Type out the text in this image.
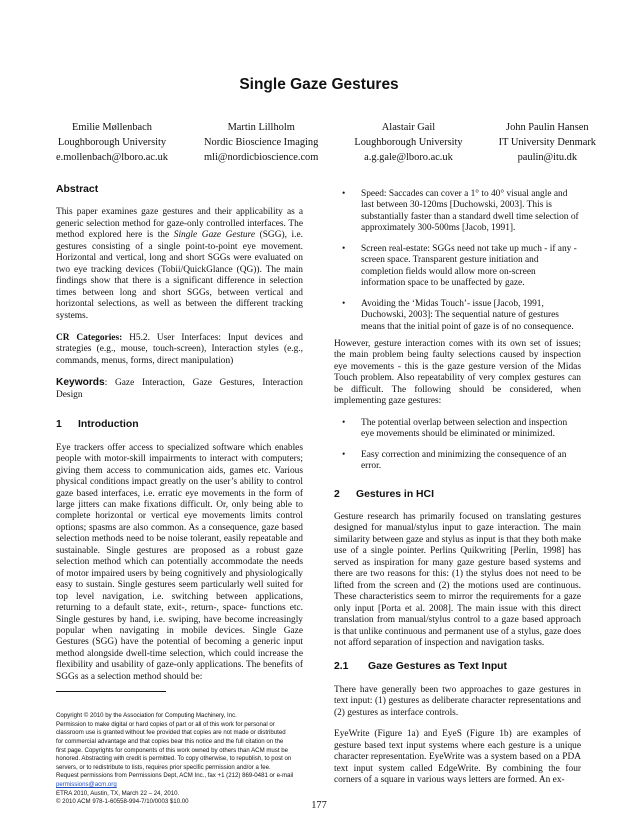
Single Gaze Gestures
Emilie Møllenbach
Loughborough University
e.mollenbach@lboro.ac.uk
Martin Lillholm
Nordic Bioscience Imaging
mli@nordicbioscience.com
Alastair Gail
Loughborough University
a.g.gale@lboro.ac.uk
John Paulin Hansen
IT University Denmark
paulin@itu.dk
Abstract

This paper examines gaze gestures and their applicability as a generic selection method for gaze-only controlled interfaces. The method explored here is the Single Gaze Gesture (SGG), i.e. gestures consisting of a single point-to-point eye movement. Horizontal and vertical, long and short SGGs were evaluated on two eye tracking devices (Tobii/QuickGlance (QG)). The main findings show that there is a significant difference in selection times between long and short SGGs, between vertical and horizontal selections, as well as between the different tracking systems.

CR Categories: H5.2. User Interfaces: Input devices and strategies (e.g., mouse, touch-screen), Interaction styles (e.g., commands, menus, forms, direct manipulation)

Keywords: Gaze Interaction, Gaze Gestures, Interaction Design

1 Introduction

Eye trackers offer access to specialized software which enables people with motor-skill impairments to interact with computers; giving them access to communication aids, games etc. Various physical conditions impact greatly on the user’s ability to control gaze based interfaces, i.e. erratic eye movements in the form of large jitters can make fixations difficult. Or, only being able to complete horizontal or vertical eye movements limits control options; spasms are also common. As a consequence, gaze based selection methods need to be noise tolerant, easily repeatable and sustainable. Single gestures are proposed as a robust gaze selection method which can potentially accommodate the needs of motor impaired users by being cognitively and physiologically easy to sustain. Single gestures seem particularly well suited for top level navigation, i.e. switching between applications, returning to a default state, exit-, return-, space- functions etc. Single gestures by hand, i.e. swiping, have become increasingly popular when navigating in mobile devices. Single Gaze Gestures (SGG) have the potential of becoming a generic input method alongside dwell-time selection, which could increase the flexibility and usability of gaze-only applications. The benefits of SGGs as a selection method should be:

Copyright © 2010 by the Association for Computing Machinery, Inc.
Permission to make digital or hard copies of part or all of this work for personal or
classroom use is granted without fee provided that copies are not made or distributed
for commercial advantage and that copies bear this notice and the full citation on the
first page. Copyrights for components of this work owned by others than ACM must be
honored. Abstracting with credit is permitted. To copy otherwise, to republish, to post on
servers, or to redistribute to lists, requires prior specific permission and/or a fee.
Request permissions from Permissions Dept, ACM Inc., fax +1 (212) 869-0481 or e-mail
permissions@acm.org
ETRA 2010, Austin, TX, March 22 – 24, 2010.
© 2010 ACM 978-1-60558-994-7/10/0003 $10.00
• Speed: Saccades can cover a 1° to 40° visual angle and last between 30-120ms [Duchowski, 2003]. This is substantially faster than a standard dwell time selection of approximately 300-500ms [Jacob, 1991].
• Screen real-estate: SGGs need not take up much - if any - screen space. Transparent gesture initiation and completion fields would allow more on-screen information space to be unaffected by gaze.
• Avoiding the ‘Midas Touch’- issue [Jacob, 1991, Duchowski, 2003]: The sequential nature of gestures means that the initial point of gaze is of no consequence.

However, gesture interaction comes with its own set of issues; the main problem being faulty selections caused by inspection eye movements - this is the gaze gesture version of the Midas Touch problem. Also repeatability of very complex gestures can be difficult. The following should be considered, when implementing gaze gestures:

• The potential overlap between selection and inspection eye movements should be eliminated or minimized.
• Easy correction and minimizing the consequence of an error.
2 Gestures in HCI

Gesture research has primarily focused on translating gestures designed for manual/stylus input to gaze interaction. The main similarity between gaze and stylus as input is that they both make use of a single pointer. Perlins Quikwriting [Perlin, 1998] has served as inspiration for many gaze gesture based systems and there are two reasons for this: (1) the stylus does not need to be lifted from the screen and (2) the motions used are continuous. These characteristics seem to mirror the requirements for a gaze only input [Porta et al. 2008]. The main issue with this direct translation from manual/stylus control to a gaze based approach is that unlike continuous and permanent use of a stylus, gaze does not afford separation of inspection and navigation tasks.

2.1 Gaze Gestures as Text Input

There have generally been two approaches to gaze gestures in text input: (1) gestures as deliberate character representations and (2) gestures as interface controls.

EyeWrite (Figure 1a) and EyeS (Figure 1b) are examples of gesture based text input systems where each gesture is a unique character representation. EyeWrite was a system based on a PDA text input system called EdgeWrite. By combining the four corners of a square in various ways letters are formed. An ex-

177
